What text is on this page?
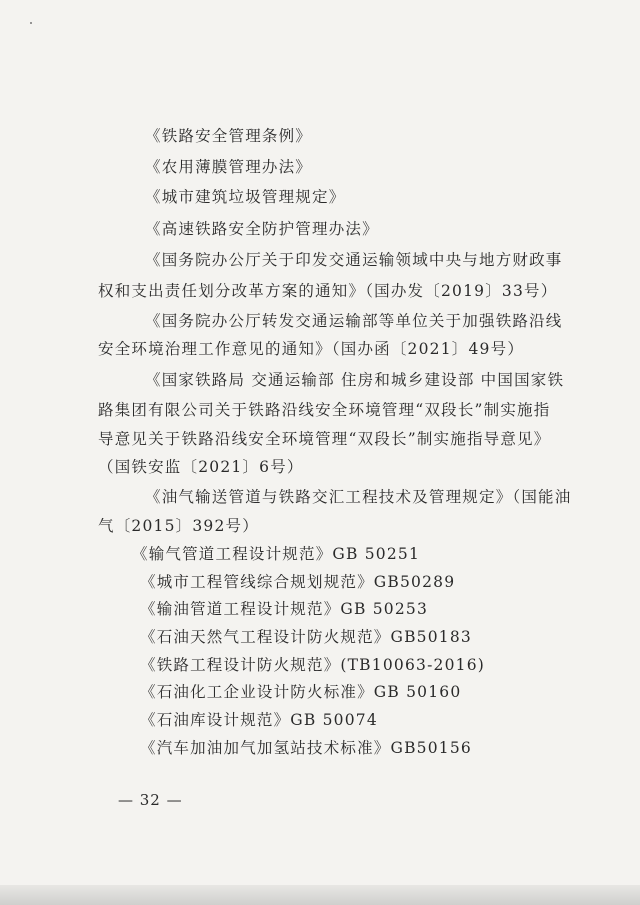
《铁路安全管理条例》
《农用薄膜管理办法》
《城市建筑垃圾管理规定》
《高速铁路安全防护管理办法》
《国务院办公厅关于印发交通运输领域中央与地方财政事
权和支出责任划分改革方案的通知》（国办发〔2019〕33号）
《国务院办公厅转发交通运输部等单位关于加强铁路沿线
安全环境治理工作意见的通知》（国办函〔2021〕49号）
《国家铁路局 交通运输部 住房和城乡建设部 中国国家铁
路集团有限公司关于铁路沿线安全环境管理“双段长”制实施指
导意见关于铁路沿线安全环境管理“双段长”制实施指导意见》
（国铁安监〔2021〕6号）
《油气输送管道与铁路交汇工程技术及管理规定》（国能油
气〔2015〕392号）
《输气管道工程设计规范》GB 50251
《城市工程管线综合规划规范》GB50289
《输油管道工程设计规范》GB 50253
《石油天然气工程设计防火规范》GB50183
《铁路工程设计防火规范》(TB10063-2016)
《石油化工企业设计防火标准》GB 50160
《石油库设计规范》GB 50074
《汽车加油加气加氢站技术标准》GB50156
— 32 —
